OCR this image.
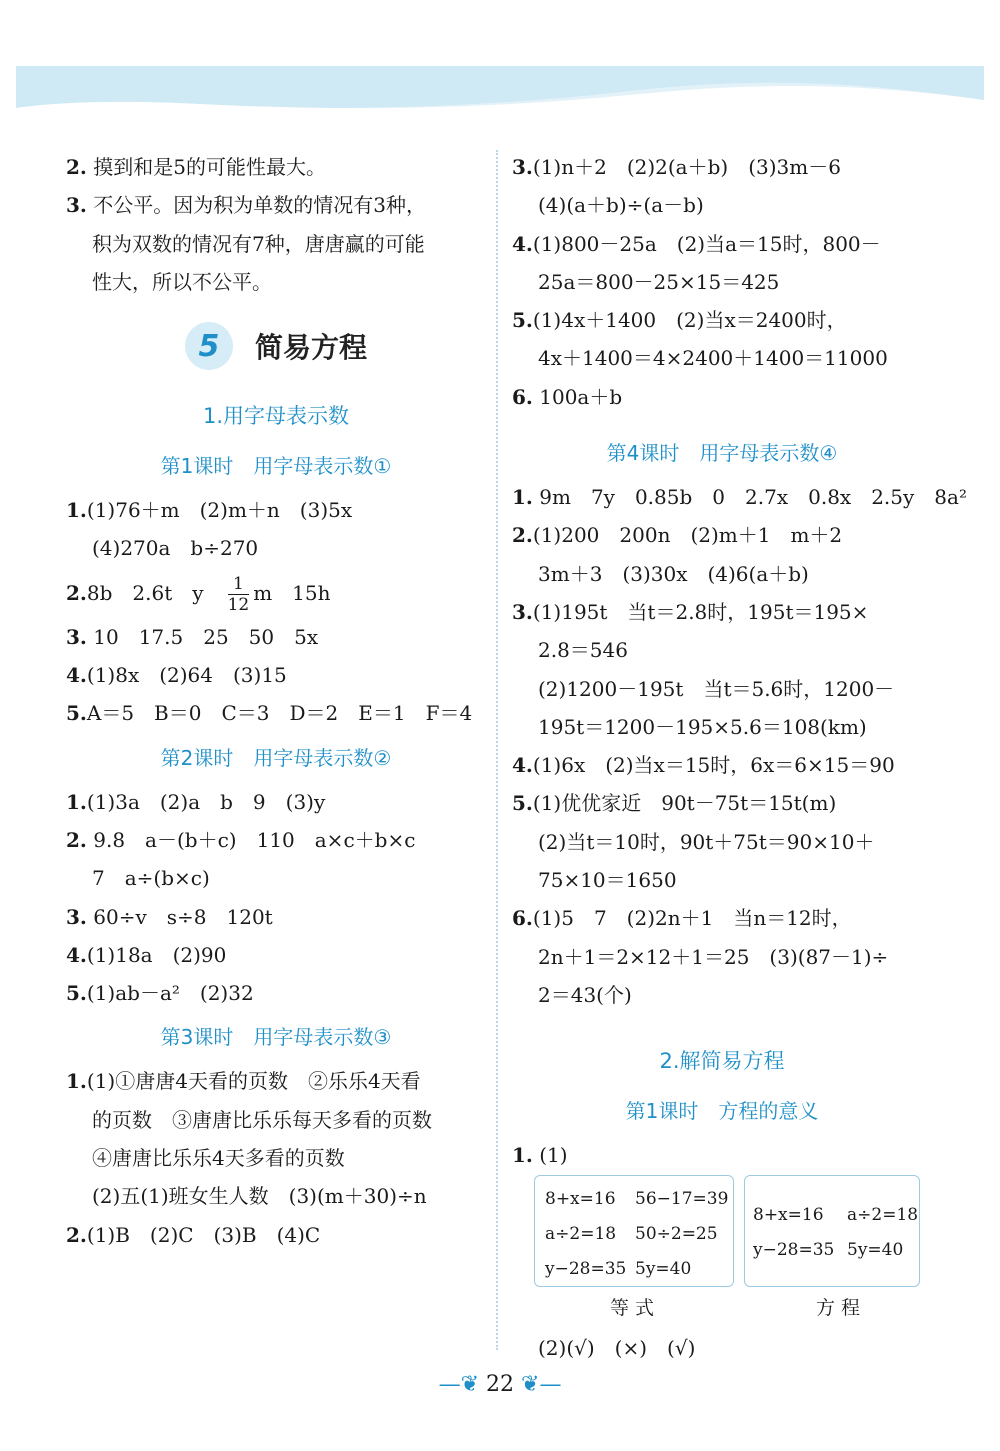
2. 摸到和是5的可能性最大。
3. 不公平。因为积为单数的情况有3种，
积为双数的情况有7种，唐唐赢的可能
性大，所以不公平。
5	简易方程
1.用字母表示数
第1课时　用字母表示数①
1.(1)76＋m　(2)m＋n　(3)5x
(4)270a　b÷270
2.8b　2.6t　y　 $\frac{1}{12}$ m　15h
3. 10　17.5　25　50　5x
4.(1)8x　(2)64　(3)15
5.A＝5　B＝0　C＝3　D＝2　E＝1　F＝4
第2课时　用字母表示数②
1.(1)3a　(2)a　b　9　(3)y
2. 9.8　a－(b＋c)　110　a×c＋b×c
7　a÷(b×c)
3. 60÷v　s÷8　120t
4.(1)18a　(2)90
5.(1)ab－a²　(2)32
第3课时　用字母表示数③
1.(1)①唐唐4天看的页数　②乐乐4天看
的页数　③唐唐比乐乐每天多看的页数
④唐唐比乐乐4天多看的页数
(2)五(1)班女生人数　(3)(m＋30)÷n
2.(1)B　(2)C　(3)B　(4)C
3.(1)n＋2　(2)2(a＋b)　(3)3m－6
(4)(a＋b)÷(a－b)
4.(1)800－25a　(2)当a＝15时，800－
25a＝800－25×15＝425
5.(1)4x＋1400　(2)当x＝2400时，
4x＋1400＝4×2400＋1400＝11000
6. 100a＋b
第4课时　用字母表示数④
1. 9m　7y　0.85b　0　2.7x　0.8x　2.5y　8a²
2.(1)200　200n　(2)m＋1　m＋2
3m＋3　(3)30x　(4)6(a＋b)
3.(1)195t　当t＝2.8时，195t＝195×
2.8＝546
(2)1200－195t　当t＝5.6时，1200－
195t＝1200－195×5.6＝108(km)
4.(1)6x　(2)当x＝15时，6x＝6×15＝90
5.(1)优优家近　90t－75t＝15t(m)
(2)当t＝10时，90t＋75t＝90×10＋
75×10＝1650
6.(1)5　7　(2)2n＋1　当n＝12时，
2n＋1＝2×12＋1＝25　(3)(87－1)÷
2＝43(个)
2.解简易方程
第1课时　方程的意义
1. (1)
8+x=16 56−17=39
a÷2=18 50÷2=25
y−28=35 5y=40
8+x=16 a÷2=18
y−28=35 5y=40
等式	方程
(2)(√)　(×)　(√)
—❦ 22 ❦—
